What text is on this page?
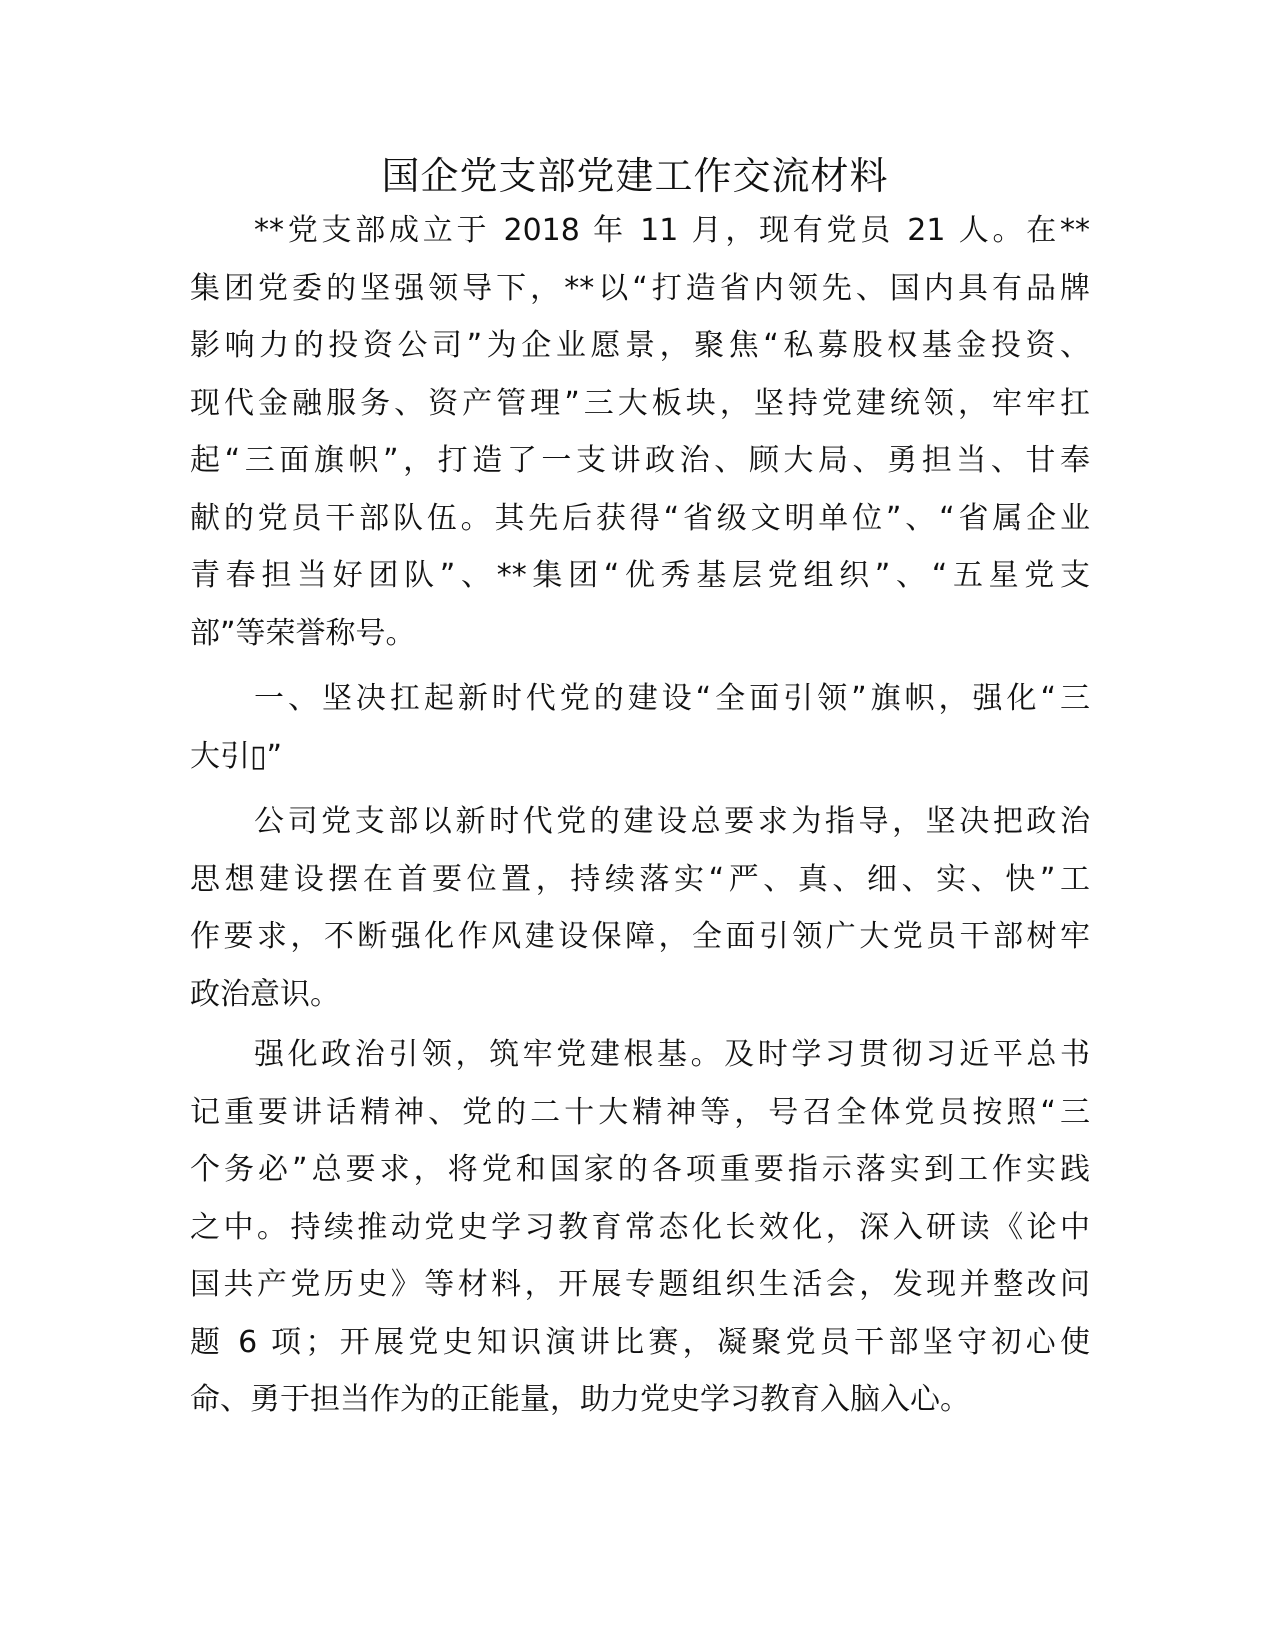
国企党支部党建工作交流材料
**党支部成立于 2018 年 11 月，现有党员 21 人。在**
集团党委的坚强领导下，**以“打造省内领先、国内具有品牌
影响力的投资公司”为企业愿景，聚焦“私募股权基金投资、
现代金融服务、资产管理”三大板块，坚持党建统领，牢牢扛
起“三面旗帜”，打造了一支讲政治、顾大局、勇担当、甘奉
献的党员干部队伍。其先后获得“省级文明单位”、“省属企业
青春担当好团队”、**集团“优秀基层党组织”、“五星党支
部”等荣誉称号。
一、坚决扛起新时代党的建设“全面引领”旗帜，强化“三
大引▯”
公司党支部以新时代党的建设总要求为指导，坚决把政治
思想建设摆在首要位置，持续落实“严、真、细、实、快”工
作要求，不断强化作风建设保障，全面引领广大党员干部树牢
政治意识。
强化政治引领，筑牢党建根基。及时学习贯彻习近平总书
记重要讲话精神、党的二十大精神等，号召全体党员按照“三
个务必”总要求，将党和国家的各项重要指示落实到工作实践
之中。持续推动党史学习教育常态化长效化，深入研读《论中
国共产党历史》等材料，开展专题组织生活会，发现并整改问
题 6 项；开展党史知识演讲比赛，凝聚党员干部坚守初心使
命、勇于担当作为的正能量，助力党史学习教育入脑入心。
